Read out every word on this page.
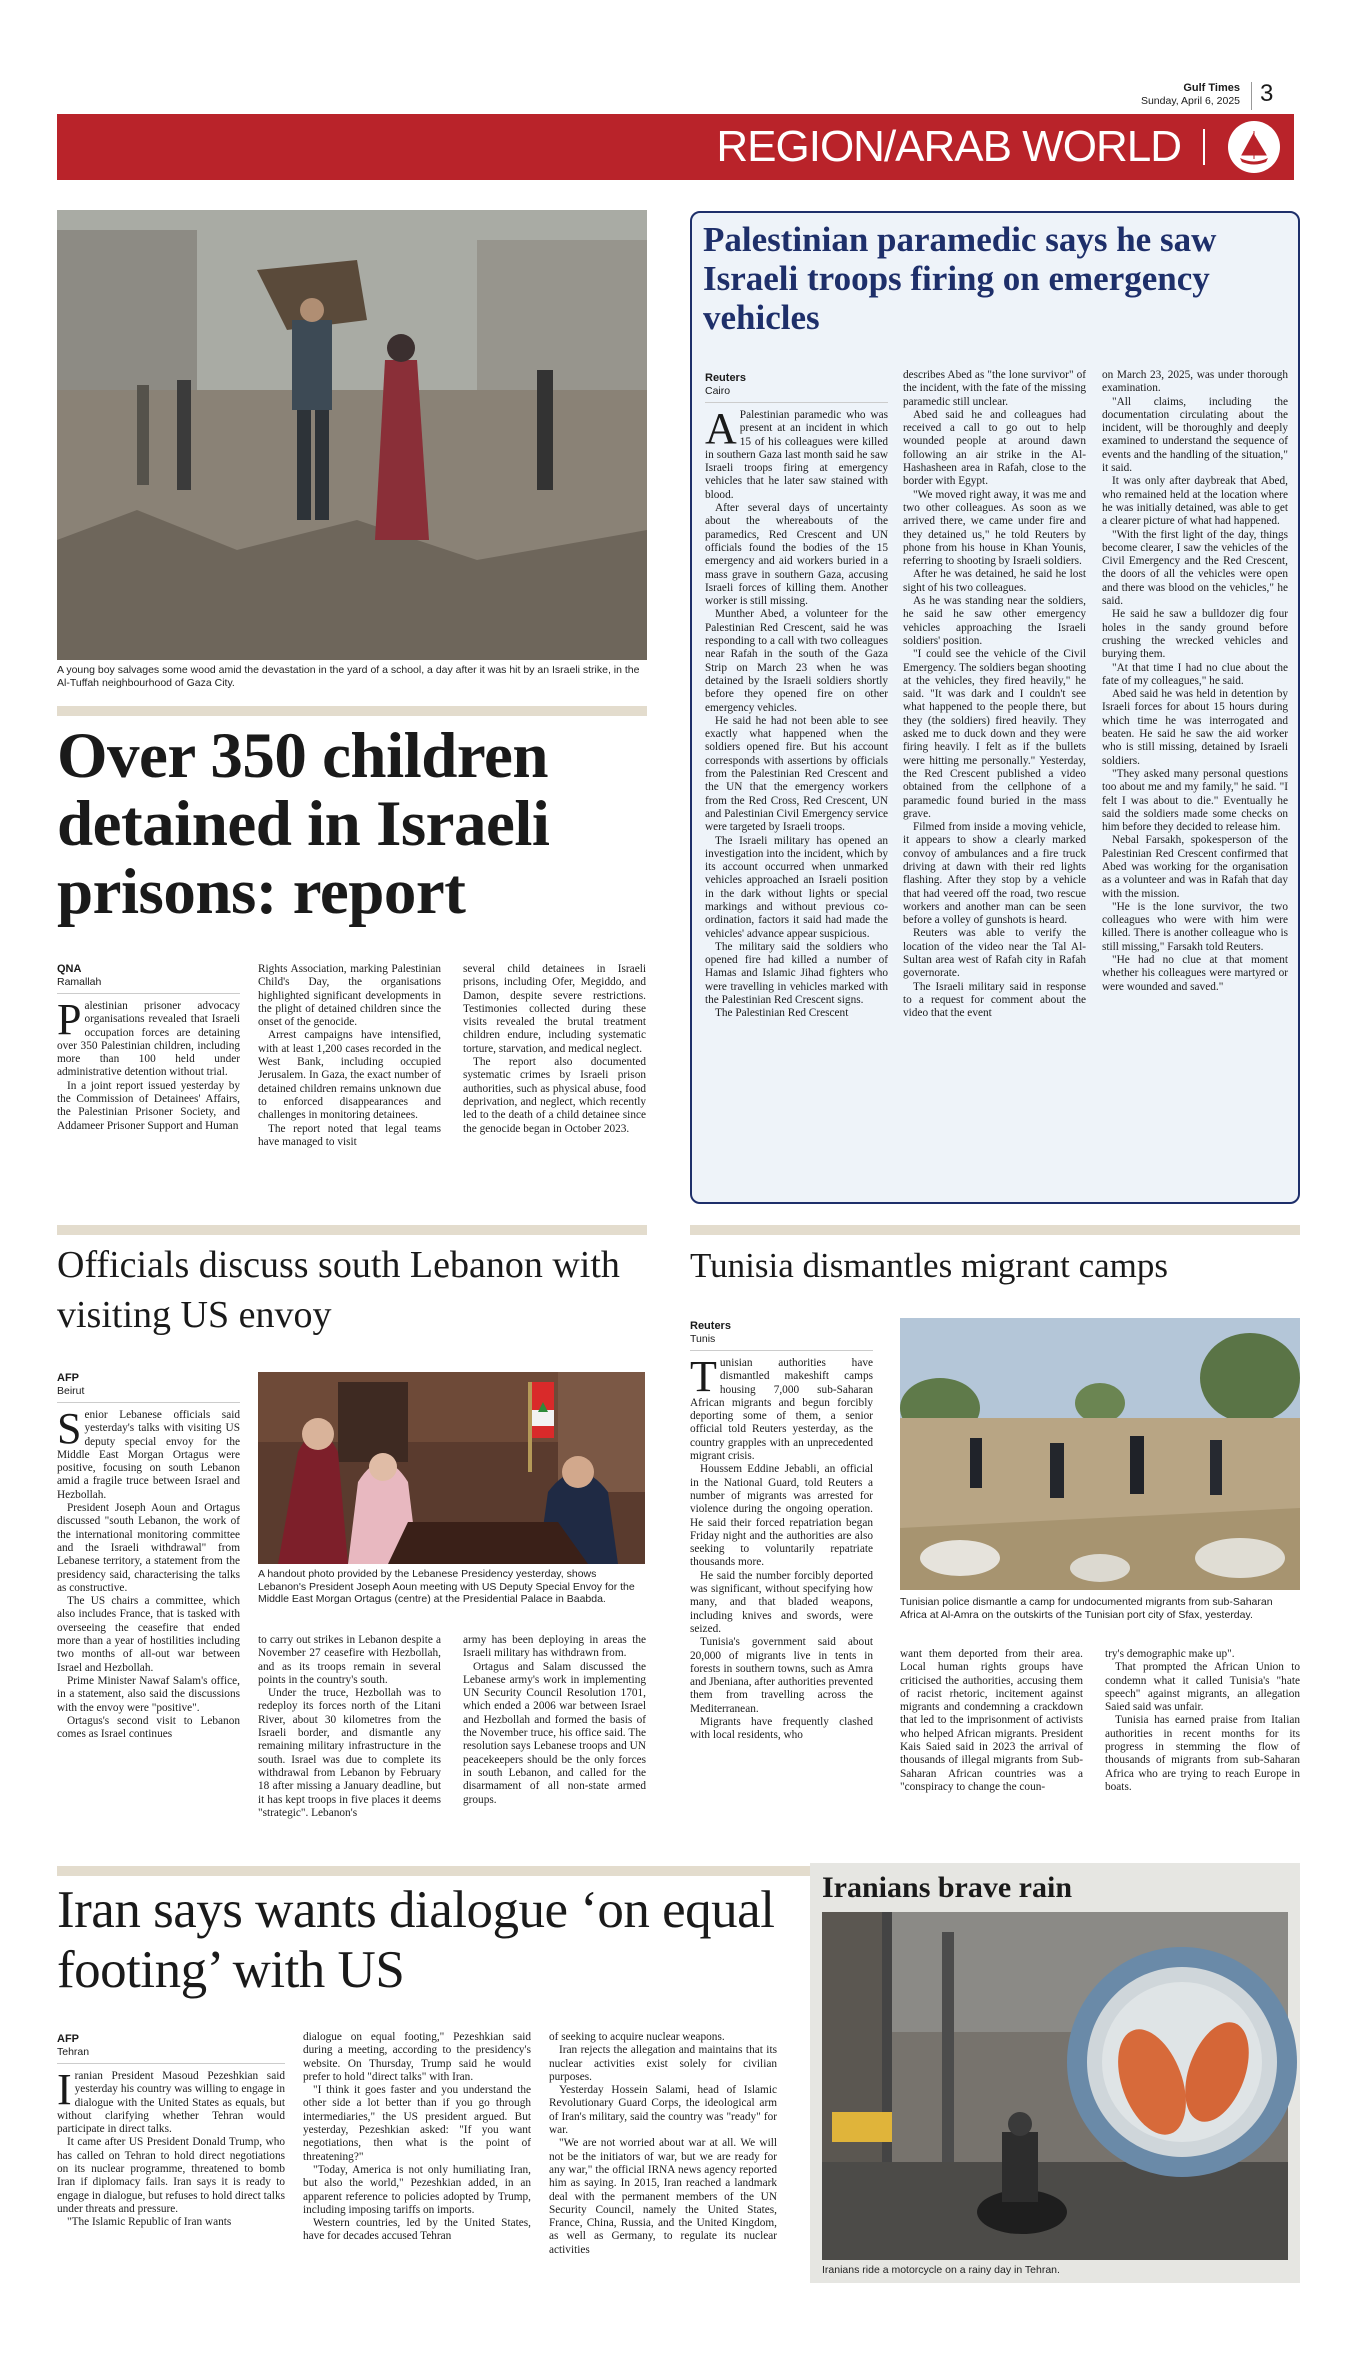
Gulf Times
Sunday, April 6, 2025 3
REGION/ARAB WORLD
A young boy salvages some wood amid the devastation in the yard of a school, a day after it was hit by an Israeli strike, in the Al-Tuffah neighbourhood of Gaza City.
Over 350 children detained in Israeli prisons: report
QNA
Ramallah

Palestinian prisoner advocacy organisations revealed that Israeli occupation forces are detaining over 350 Palestinian children, including more than 100 held under administrative detention without trial.

In a joint report issued yesterday by the Commission of Detainees' Affairs, the Palestinian Prisoner Society, and Addameer Prisoner Support and Human

Rights Association, marking Palestinian Child's Day, the organisations highlighted significant developments in the plight of detained children since the onset of the genocide.

Arrest campaigns have intensified, with at least 1,200 cases recorded in the West Bank, including occupied Jerusalem. In Gaza, the exact number of detained children remains unknown due to enforced disappearances and challenges in monitoring detainees.

The report noted that legal teams have managed to visit

several child detainees in Israeli prisons, including Ofer, Megiddo, and Damon, despite severe restrictions. Testimonies collected during these visits revealed the brutal treatment children endure, including systematic torture, starvation, and medical neglect.

The report also documented systematic crimes by Israeli prison authorities, such as physical abuse, food deprivation, and neglect, which recently led to the death of a child detainee since the genocide began in October 2023.

Palestinian paramedic says he saw Israeli troops firing on emergency vehicles
Reuters
Cairo

A Palestinian paramedic who was present at an incident in which 15 of his colleagues were killed in southern Gaza last month said he saw Israeli troops firing at emergency vehicles that he later saw stained with blood.

After several days of uncertainty about the whereabouts of the paramedics, Red Crescent and UN officials found the bodies of the 15 emergency and aid workers buried in a mass grave in southern Gaza, accusing Israeli forces of killing them. Another worker is still missing.

Munther Abed, a volunteer for the Palestinian Red Crescent, said he was responding to a call with two colleagues near Rafah in the south of the Gaza Strip on March 23 when he was detained by the Israeli soldiers shortly before they opened fire on other emergency vehicles.

He said he had not been able to see exactly what happened when the soldiers opened fire. But his account corresponds with assertions by officials from the Palestinian Red Crescent and the UN that the emergency workers from the Red Cross, Red Crescent, UN and Palestinian Civil Emergency service were targeted by Israeli troops.

The Israeli military has opened an investigation into the incident, which by its account occurred when unmarked vehicles approached an Israeli position in the dark without lights or special markings and without previous co-ordination, factors it said had made the vehicles' advance appear suspicious.

The military said the soldiers who opened fire had killed a number of Hamas and Islamic Jihad fighters who were travelling in vehicles marked with the Palestinian Red Crescent signs.

The Palestinian Red Crescent

describes Abed as "the lone survivor" of the incident, with the fate of the missing paramedic still unclear.

Abed said he and colleagues had received a call to go out to help wounded people at around dawn following an air strike in the Al-Hashasheen area in Rafah, close to the border with Egypt.

"We moved right away, it was me and two other colleagues. As soon as we arrived there, we came under fire and they detained us," he told Reuters by phone from his house in Khan Younis, referring to shooting by Israeli soldiers.

After he was detained, he said he lost sight of his two colleagues.

As he was standing near the soldiers, he said he saw other emergency vehicles approaching the Israeli soldiers' position.

"I could see the vehicle of the Civil Emergency. The soldiers began shooting at the vehicles, they fired heavily," he said. "It was dark and I couldn't see what happened to the people there, but they (the soldiers) fired heavily. They asked me to duck down and they were firing heavily. I felt as if the bullets were hitting me personally." Yesterday, the Red Crescent published a video obtained from the cellphone of a paramedic found buried in the mass grave.

Filmed from inside a moving vehicle, it appears to show a clearly marked convoy of ambulances and a fire truck driving at dawn with their red lights flashing. After they stop by a vehicle that had veered off the road, two rescue workers and another man can be seen before a volley of gunshots is heard.

Reuters was able to verify the location of the video near the Tal Al-Sultan area west of Rafah city in Rafah governorate.

The Israeli military said in response to a request for comment about the video that the event

on March 23, 2025, was under thorough examination.

"All claims, including the documentation circulating about the incident, will be thoroughly and deeply examined to understand the sequence of events and the handling of the situation," it said.

It was only after daybreak that Abed, who remained held at the location where he was initially detained, was able to get a clearer picture of what had happened.

"With the first light of the day, things become clearer, I saw the vehicles of the Civil Emergency and the Red Crescent, the doors of all the vehicles were open and there was blood on the vehicles," he said.

He said he saw a bulldozer dig four holes in the sandy ground before crushing the wrecked vehicles and burying them.

"At that time I had no clue about the fate of my colleagues," he said.

Abed said he was held in detention by Israeli forces for about 15 hours during which time he was interrogated and beaten. He said he saw the aid worker who is still missing, detained by Israeli soldiers.

"They asked many personal questions too about me and my family," he said. "I felt I was about to die." Eventually he said the soldiers made some checks on him before they decided to release him.

Nebal Farsakh, spokesperson of the Palestinian Red Crescent confirmed that Abed was working for the organisation as a volunteer and was in Rafah that day with the mission.

"He is the lone survivor, the two colleagues who were with him were killed. There is another colleague who is still missing," Farsakh told Reuters.

"He had no clue at that moment whether his colleagues were martyred or were wounded and saved."

Officials discuss south Lebanon with visiting US envoy
AFP
Beirut

Senior Lebanese officials said yesterday's talks with visiting US deputy special envoy for the Middle East Morgan Ortagus were positive, focusing on south Lebanon amid a fragile truce between Israel and Hezbollah.

President Joseph Aoun and Ortagus discussed "south Lebanon, the work of the international monitoring committee and the Israeli withdrawal" from Lebanese territory, a statement from the presidency said, characterising the talks as constructive.

The US chairs a committee, which also includes France, that is tasked with overseeing the ceasefire that ended more than a year of hostilities including two months of all-out war between Israel and Hezbollah.

Prime Minister Nawaf Salam's office, in a statement, also said the discussions with the envoy were "positive".

Ortagus's second visit to Lebanon comes as Israel continues

A handout photo provided by the Lebanese Presidency yesterday, shows Lebanon's President Joseph Aoun meeting with US Deputy Special Envoy for the Middle East Morgan Ortagus (centre) at the Presidential Palace in Baabda.

to carry out strikes in Lebanon despite a November 27 ceasefire with Hezbollah, and as its troops remain in several points in the country's south.

Under the truce, Hezbollah was to redeploy its forces north of the Litani River, about 30 kilometres from the Israeli border, and dismantle any remaining military infrastructure in the south. Israel was due to complete its withdrawal from Lebanon by February 18 after missing a January deadline, but it has kept troops in five places it deems "strategic". Lebanon's

army has been deploying in areas the Israeli military has withdrawn from.

Ortagus and Salam discussed the Lebanese army's work in implementing UN Security Council Resolution 1701, which ended a 2006 war between Israel and Hezbollah and formed the basis of the November truce, his office said. The resolution says Lebanese troops and UN peacekeepers should be the only forces in south Lebanon, and called for the disarmament of all non-state armed groups.

Tunisia dismantles migrant camps
Reuters
Tunis

Tunisian authorities have dismantled makeshift camps housing 7,000 sub-Saharan African migrants and begun forcibly deporting some of them, a senior official told Reuters yesterday, as the country grapples with an unprecedented migrant crisis.

Houssem Eddine Jebabli, an official in the National Guard, told Reuters a number of migrants was arrested for violence during the ongoing operation. He said their forced repatriation began Friday night and the authorities are also seeking to voluntarily repatriate thousands more.

He said the number forcibly deported was significant, without specifying how many, and that bladed weapons, including knives and swords, were seized.

Tunisia's government said about 20,000 of migrants live in tents in forests in southern towns, such as Amra and Jbeniana, after authorities prevented them from travelling across the Mediterranean.

Migrants have frequently clashed with local residents, who

Tunisian police dismantle a camp for undocumented migrants from sub-Saharan Africa at Al-Amra on the outskirts of the Tunisian port city of Sfax, yesterday.

want them deported from their area. Local human rights groups have criticised the authorities, accusing them of racist rhetoric, incitement against migrants and condemning a crackdown that led to the imprisonment of activists who helped African migrants. President Kais Saied said in 2023 the arrival of thousands of illegal migrants from Sub-Saharan African countries was a "conspiracy to change the coun-

try's demographic make up".

That prompted the African Union to condemn what it called Tunisia's "hate speech" against migrants, an allegation Saied said was unfair.

Tunisia has earned praise from Italian authorities in recent months for its progress in stemming the flow of thousands of migrants from sub-Saharan Africa who are trying to reach Europe in boats.

Iran says wants dialogue ‘on equal footing’ with US
AFP
Tehran

Iranian President Masoud Pezeshkian said yesterday his country was willing to engage in dialogue with the United States as equals, but without clarifying whether Tehran would participate in direct talks.

It came after US President Donald Trump, who has called on Tehran to hold direct negotiations on its nuclear programme, threatened to bomb Iran if diplomacy fails. Iran says it is ready to engage in dialogue, but refuses to hold direct talks under threats and pressure.

"The Islamic Republic of Iran wants

dialogue on equal footing," Pezeshkian said during a meeting, according to the presidency's website. On Thursday, Trump said he would prefer to hold "direct talks" with Iran.

"I think it goes faster and you understand the other side a lot better than if you go through intermediaries," the US president argued. But yesterday, Pezeshkian asked: "If you want negotiations, then what is the point of threatening?"

"Today, America is not only humiliating Iran, but also the world," Pezeshkian added, in an apparent reference to policies adopted by Trump, including imposing tariffs on imports.

Western countries, led by the United States, have for decades accused Tehran

of seeking to acquire nuclear weapons.

Iran rejects the allegation and maintains that its nuclear activities exist solely for civilian purposes.

Yesterday Hossein Salami, head of Islamic Revolutionary Guard Corps, the ideological arm of Iran's military, said the country was "ready" for war.

"We are not worried about war at all. We will not be the initiators of war, but we are ready for any war," the official IRNA news agency reported him as saying. In 2015, Iran reached a landmark deal with the permanent members of the UN Security Council, namely the United States, France, China, Russia, and the United Kingdom, as well as Germany, to regulate its nuclear activities

Iranians brave rain
Iranians ride a motorcycle on a rainy day in Tehran.
